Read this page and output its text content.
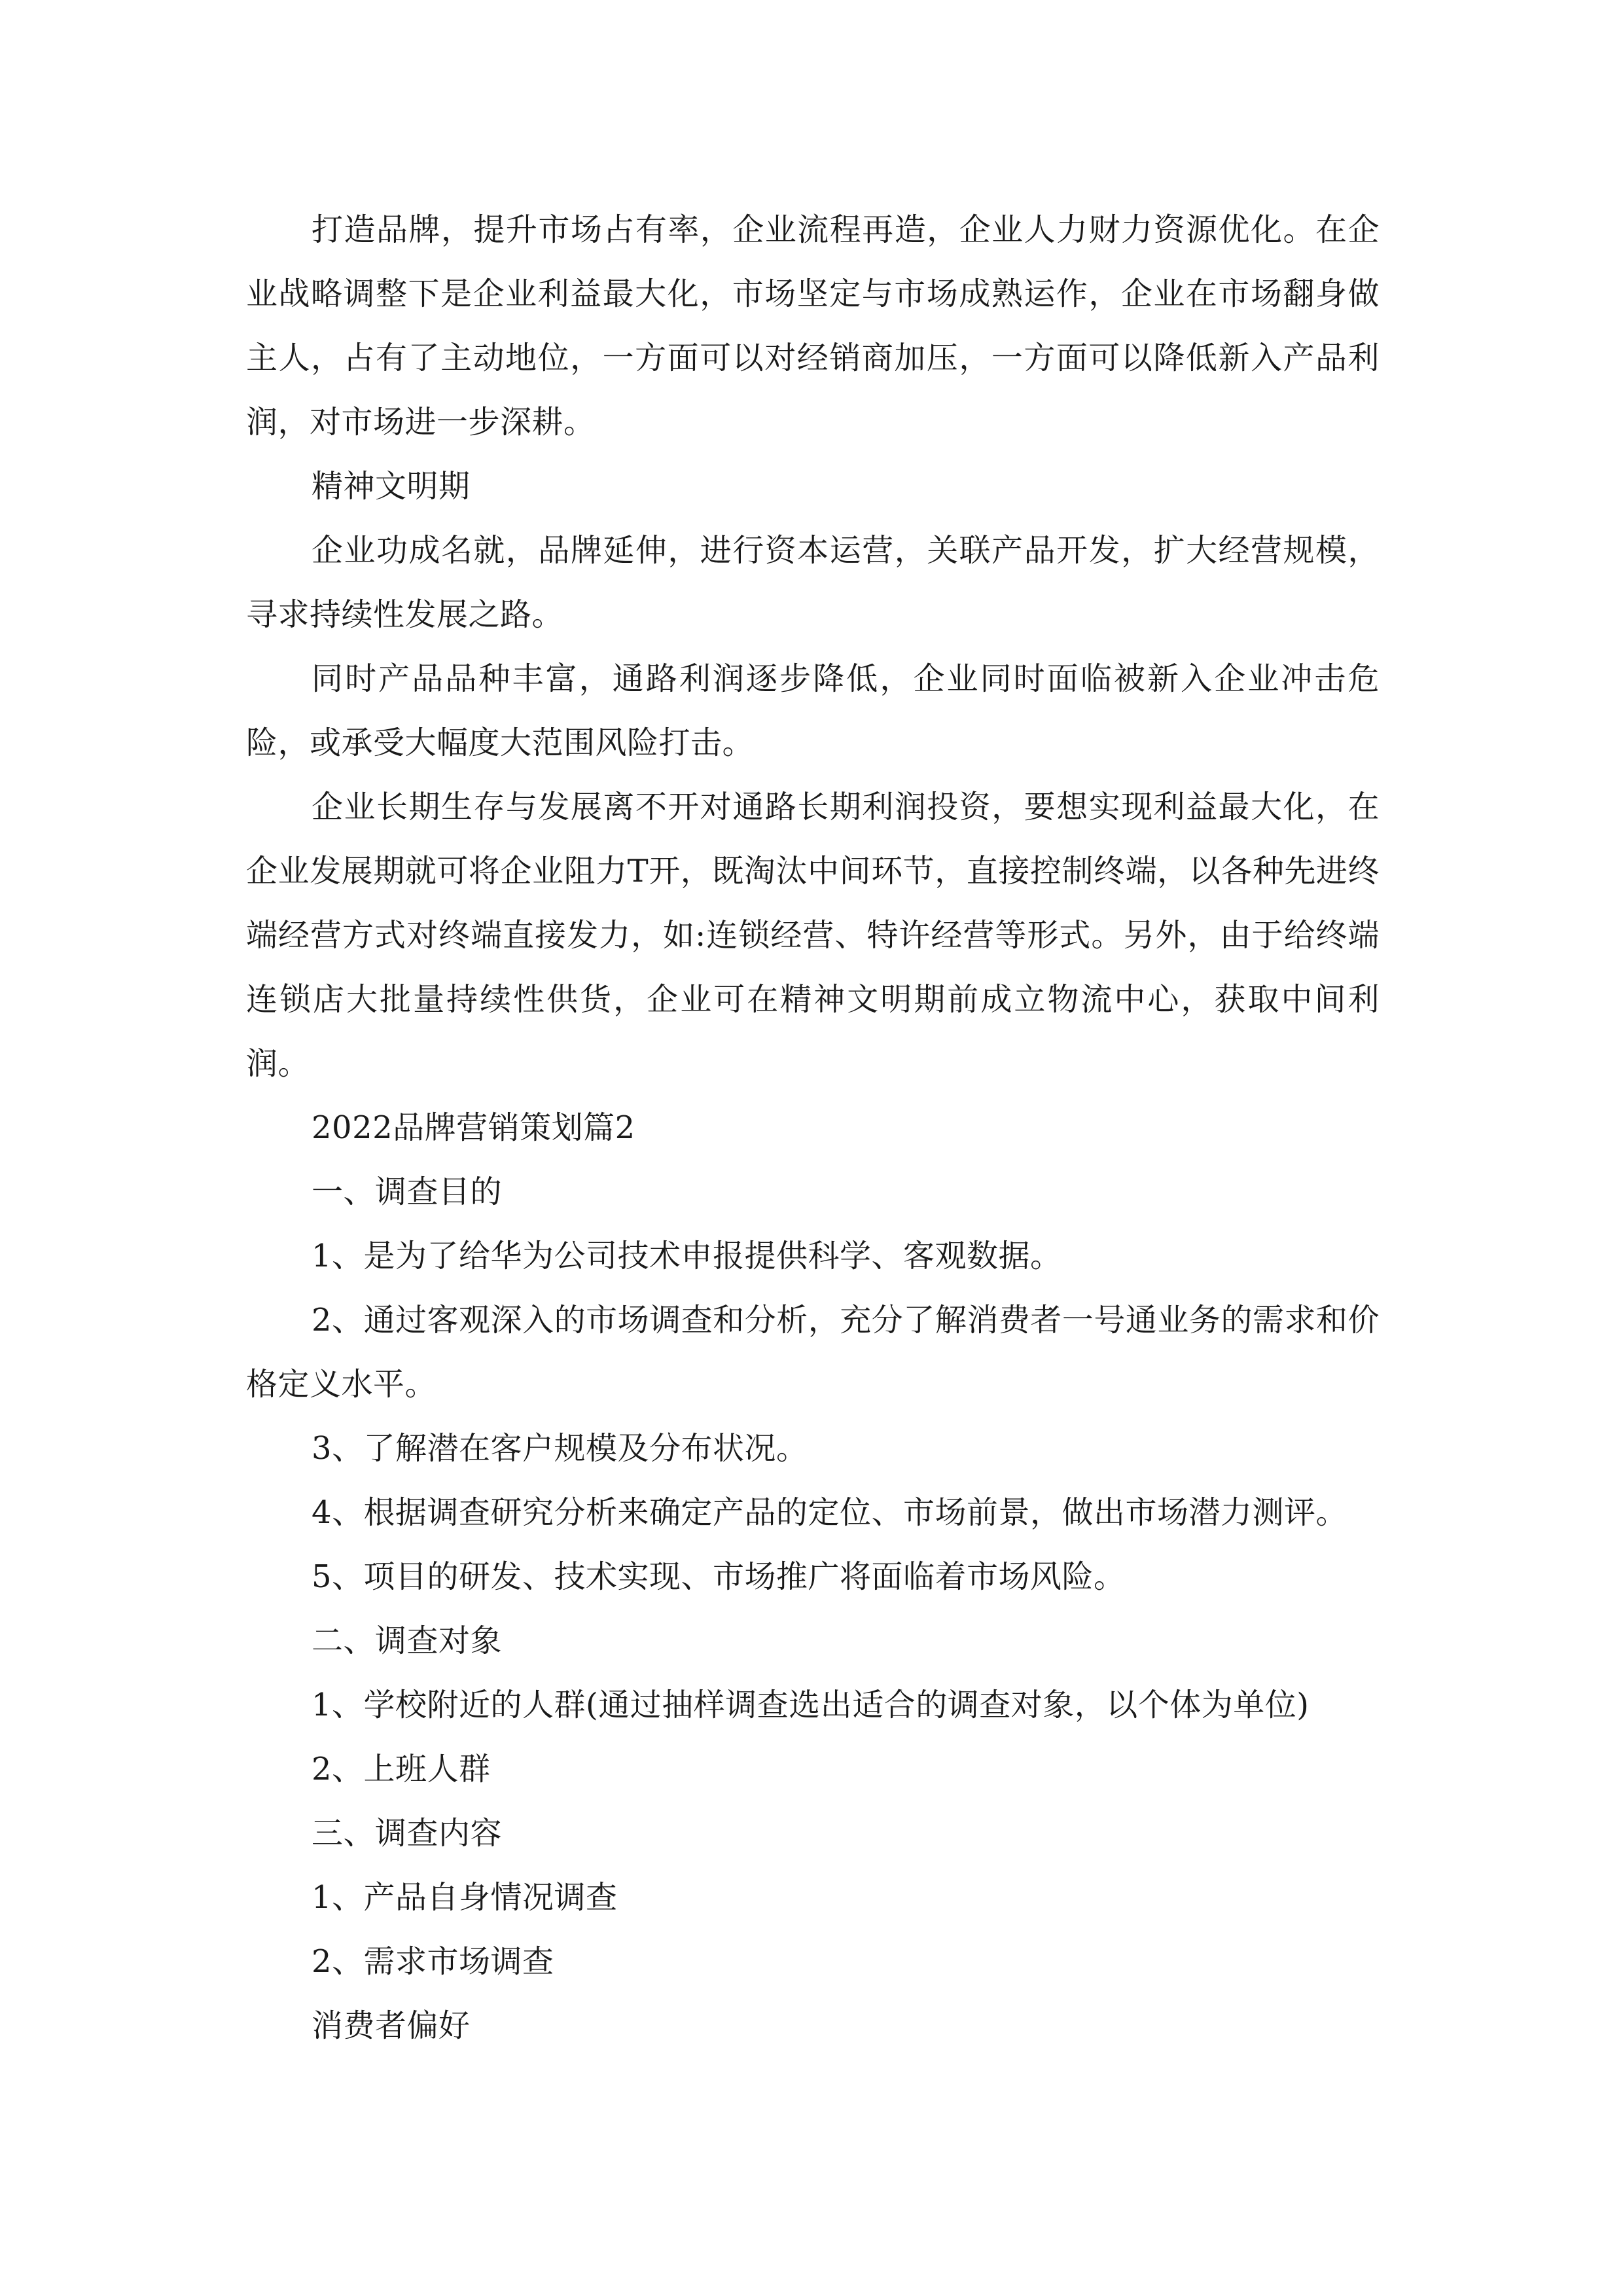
打造品牌，提升市场占有率，企业流程再造，企业人力财力资源优化。在企业战略调整下是企业利益最大化，市场坚定与市场成熟运作，企业在市场翻身做主人，占有了主动地位，一方面可以对经销商加压，一方面可以降低新入产品利润，对市场进一步深耕。

精神文明期

企业功成名就，品牌延伸，进行资本运营，关联产品开发，扩大经营规模，寻求持续性发展之路。

同时产品品种丰富，通路利润逐步降低，企业同时面临被新入企业冲击危险，或承受大幅度大范围风险打击。

企业长期生存与发展离不开对通路长期利润投资，要想实现利益最大化，在企业发展期就可将企业阻力T开，既淘汰中间环节，直接控制终端，以各种先进终端经营方式对终端直接发力，如:连锁经营、特许经营等形式。另外，由于给终端连锁店大批量持续性供货，企业可在精神文明期前成立物流中心，获取中间利润。

2022品牌营销策划篇2

一、调查目的

1、是为了给华为公司技术申报提供科学、客观数据。

2、通过客观深入的市场调查和分析，充分了解消费者一号通业务的需求和价格定义水平。

3、了解潜在客户规模及分布状况。

4、根据调查研究分析来确定产品的定位、市场前景，做出市场潜力测评。

5、项目的研发、技术实现、市场推广将面临着市场风险。

二、调查对象

1、学校附近的人群(通过抽样调查选出适合的调查对象，以个体为单位)

2、上班人群

三、调查内容

1、产品自身情况调查

2、需求市场调查

消费者偏好
